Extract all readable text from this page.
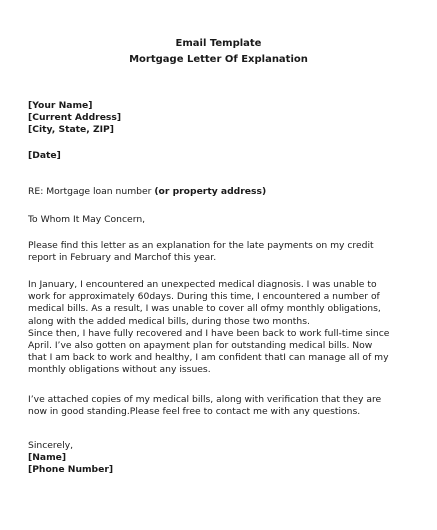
Email Template
Mortgage Letter Of Explanation
[Your Name]
[Current Address]
[City, State, ZIP]
[Date]
RE: Mortgage loan number (or property address)
To Whom It May Concern,
Please find this letter as an explanation for the late payments on my credit
report in February and Marchof this year.
In January, I encountered an unexpected medical diagnosis. I was unable to
work for approximately 60days. During this time, I encountered a number of
medical bills. As a result, I was unable to cover all ofmy monthly obligations,
along with the added medical bills, during those two months.
Since then, I have fully recovered and I have been back to work full-time since
April. I’ve also gotten on apayment plan for outstanding medical bills. Now
that I am back to work and healthy, I am confident thatI can manage all of my
monthly obligations without any issues.
I’ve attached copies of my medical bills, along with verification that they are
now in good standing.Please feel free to contact me with any questions.
Sincerely,
[Name]
[Phone Number]
